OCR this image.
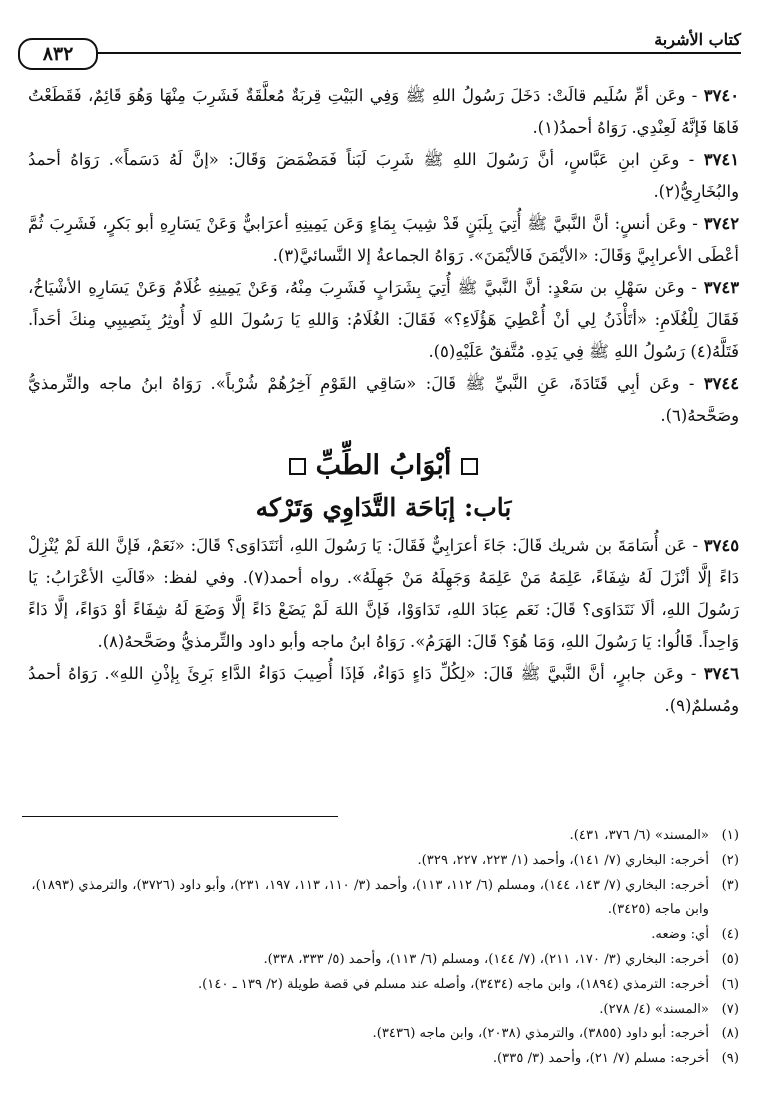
كتاب الأشربة
٨٣٢

٣٧٤٠ - وعَن أمِّ سُلَيم قالَتْ: دَخَلَ رَسُولُ اللهِ ﷺ وَفِي البَيْتِ قِربَةٌ مُعلَّقَةٌ فَشَرِبَ مِنْهَا وَهُوَ قَائِمٌ، فَقَطَعْتُ فَاهَا فَإنَّهُ لَعِنْدِي. رَوَاهُ أحمدُ(١).

٣٧٤١ - وعَنِ ابنِ عَبَّاسٍ، أنَّ رَسُولَ اللهِ ﷺ شَرِبَ لَبَناً فَمَضْمَضَ وَقَالَ: «إنَّ لَهُ دَسَماً». رَوَاهُ أحمدُ والبُخَارِيُّ(٢).

٣٧٤٢ - وعَن أنسٍ: أنَّ النَّبيَّ ﷺ أُتِيَ بِلَبَنٍ قَدْ شِيبَ بِمَاءٍ وَعَن يَمِينِهِ أعرَابيٌّ وَعَنْ يَسَارِهِ أبو بَكرٍ، فَشَرِبَ ثُمَّ أعْطَى الأعرابِيَّ وَقَالَ: «الأيْمَنَ فَالأيْمَنَ». رَوَاهُ الجماعةُ إلا النَّسائيَّ(٣).

٣٧٤٣ - وعَن سَهْلِ بن سَعْدٍ: أنَّ النَّبيَّ ﷺ أُتِيَ بِشَرَابٍ فَشَرِبَ مِنْهُ، وَعَنْ يَمِينِهِ غُلَامٌ وَعَنْ يَسَارِهِ الأشْيَاخُ، فَقَالَ لِلْغُلَامِ: «أتَأْذَنُ لِي أنْ أُعْطِيَ هَؤُلَاءِ؟» فَقَالَ: الغُلَامُ: وَاللهِ يَا رَسُولَ اللهِ لَا أُوثِرُ بِنَصِيبِي مِنكَ أحَداً. فَتَلَّهُ(٤) رَسُولُ اللهِ ﷺ فِي يَدِهِ. مُتَّفقٌ عَلَيْهِ(٥).

٣٧٤٤ - وعَن أبِي قَتَادَةَ، عَنِ النَّبيِّ ﷺ قَالَ: «سَاقِي القَوْمِ آخِرُهُمْ شُرْباً». رَوَاهُ ابنُ ماجه والتِّرمذيُّ وصَحَّحهُ(٦).

أبْوَابُ الطِّبِّ
بَاب: إبَاحَة التَّدَاوِي وَتَرْكه

٣٧٤٥ - عَن أُسَامَةَ بن شريك قَالَ: جَاءَ أعرَابِيٌّ فَقَالَ: يَا رَسُولَ اللهِ، أنَتَدَاوَى؟ قَالَ: «نَعَمْ، فَإنَّ اللهَ لَمْ يُنْزِلْ دَاءً إلَّا أنْزَلَ لَهُ شِفَاءً، عَلِمَهُ مَنْ عَلِمَهُ وَجَهِلَهُ مَنْ جَهِلَهُ». رواه أحمد(٧). وفي لفظ: «قَالَتِ الأعْرَابُ: يَا رَسُولَ اللهِ، ألَا نَتَدَاوَى؟ قَالَ: نَعَم عِبَادَ اللهِ، تَدَاوَوْا، فَإنَّ اللهَ لَمْ يَضَعْ دَاءً إلَّا وَضَعَ لَهُ شِفَاءً أوْ دَوَاءً، إلَّا دَاءً وَاحِداً. قَالُوا: يَا رَسُولَ اللهِ، وَمَا هُوَ؟ قَالَ: الهَرَمُ». رَوَاهُ ابنُ ماجه وأبو داود والتِّرمذيُّ وصَحَّحهُ(٨).

٣٧٤٦ - وعَن جابرٍ، أنَّ النَّبيَّ ﷺ قَالَ: «لِكُلِّ دَاءٍ دَوَاءٌ، فَإذَا أُصِيبَ دَوَاءُ الدَّاءِ بَرِئَ بِإذْنِ اللهِ». رَوَاهُ أحمدُ ومُسلمٌ(٩).

(١)
«المسند» (٦/ ٣٧٦، ٤٣١).
(٢)
أخرجه: البخاري (٧/ ١٤١)، وأحمد (١/ ٢٢٣، ٢٢٧، ٣٢٩).
(٣)
أخرجه: البخاري (٧/ ١٤٣، ١٤٤)، ومسلم (٦/ ١١٢، ١١٣)، وأحمد (٣/ ١١٠، ١١٣، ١٩٧، ٢٣١)، وأبو داود (٣٧٢٦)، والترمذي (١٨٩٣)، وابن ماجه (٣٤٢٥).
(٤)
أي: وضعه.
(٥)
أخرجه: البخاري (٣/ ١٧٠، ٢١١)، (٧/ ١٤٤)، ومسلم (٦/ ١١٣)، وأحمد (٥/ ٣٣٣، ٣٣٨).
(٦)
أخرجه: الترمذي (١٨٩٤)، وابن ماجه (٣٤٣٤)، وأصله عند مسلم في قصة طويلة (٢/ ١٣٩ ـ ١٤٠).
(٧)
«المسند» (٤/ ٢٧٨).
(٨)
أخرجه: أبو داود (٣٨٥٥)، والترمذي (٢٠٣٨)، وابن ماجه (٣٤٣٦).
(٩)
أخرجه: مسلم (٧/ ٢١)، وأحمد (٣/ ٣٣٥).
